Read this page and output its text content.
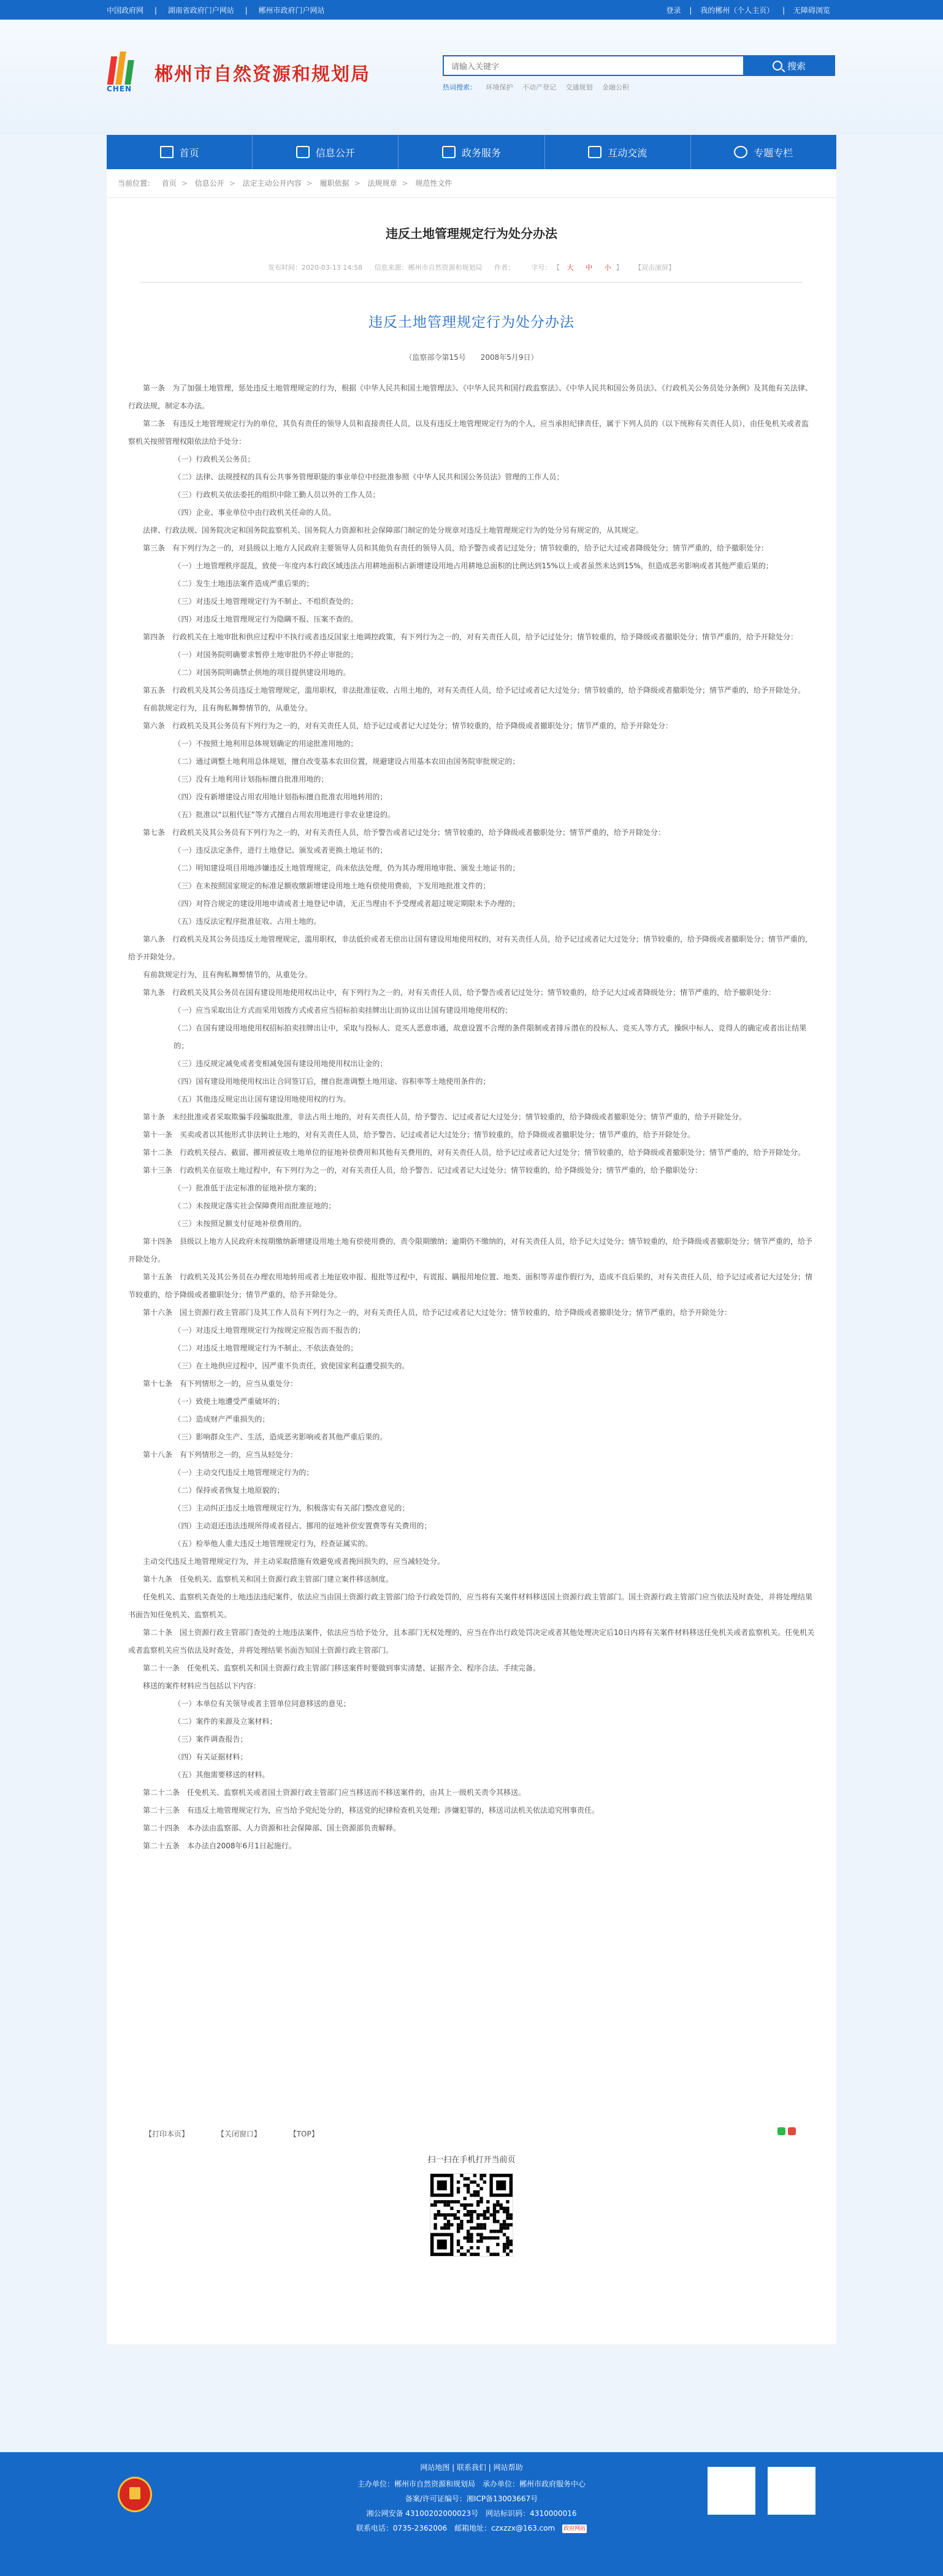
中国政府网 | 湖南省政府门户网站 | 郴州市政府门户网站	登录 | 我的郴州（个人主页） | 无障碍浏览
CHEN
郴州市自然资源和规划局	请输入关键字	搜索
热词搜索： 环境保护 不动产登记 交通规划 金融公积
首页	信息公开	政务服务	互动交流	专题专栏
当前位置： 首页 > 信息公开 > 法定主动公开内容 > 履职依据 > 法规规章 > 规范性文件
违反土地管理规定行为处分办法
发布时间：2020-03-13 14:58 信息来源：郴州市自然资源和规划局 作者：	字号： 【 大 中 小 】 【双击滚屏】
违反土地管理规定行为处分办法
（监察部令第15号　　2008年5月9日）

第一条　为了加强土地管理，惩处违反土地管理规定的行为，根据《中华人民共和国土地管理法》、《中华人民共和国行政监察法》、《中华人民共和国公务员法》、《行政机关公务员处分条例》及其他有关法律、行政法规，制定本办法。

第二条　有违反土地管理规定行为的单位，其负有责任的领导人员和直接责任人员，以及有违反土地管理规定行为的个人，应当承担纪律责任，属于下列人员的（以下统称有关责任人员），由任免机关或者监察机关按照管理权限依法给予处分：

（一）行政机关公务员；

（二）法律、法规授权的具有公共事务管理职能的事业单位中经批准参照《中华人民共和国公务员法》管理的工作人员；

（三）行政机关依法委托的组织中除工勤人员以外的工作人员；

（四）企业、事业单位中由行政机关任命的人员。

法律、行政法规、国务院决定和国务院监察机关、国务院人力资源和社会保障部门制定的处分规章对违反土地管理规定行为的处分另有规定的，从其规定。

第三条　有下列行为之一的，对县级以上地方人民政府主要领导人员和其他负有责任的领导人员，给予警告或者记过处分；情节较重的，给予记大过或者降级处分；情节严重的，给予撤职处分：

（一）土地管理秩序混乱，致使一年度内本行政区域违法占用耕地面积占新增建设用地占用耕地总面积的比例达到15%以上或者虽然未达到15%，但造成恶劣影响或者其他严重后果的；

（二）发生土地违法案件造成严重后果的；

（三）对违反土地管理规定行为不制止、不组织查处的；

（四）对违反土地管理规定行为隐瞒不报、压案不查的。

第四条　行政机关在土地审批和供应过程中不执行或者违反国家土地调控政策，有下列行为之一的，对有关责任人员，给予记过处分；情节较重的，给予降级或者撤职处分；情节严重的，给予开除处分：

（一）对国务院明确要求暂停土地审批仍不停止审批的；

（二）对国务院明确禁止供地的项目提供建设用地的。

第五条　行政机关及其公务员违反土地管理规定，滥用职权，非法批准征收、占用土地的，对有关责任人员，给予记过或者记大过处分；情节较重的，给予降级或者撤职处分；情节严重的，给予开除处分。

有前款规定行为，且有徇私舞弊情节的，从重处分。

第六条　行政机关及其公务员有下列行为之一的，对有关责任人员，给予记过或者记大过处分；情节较重的，给予降级或者撤职处分；情节严重的，给予开除处分：

（一）不按照土地利用总体规划确定的用途批准用地的；

（二）通过调整土地利用总体规划，擅自改变基本农田位置，规避建设占用基本农田由国务院审批规定的；

（三）没有土地利用计划指标擅自批准用地的；

（四）没有新增建设占用农用地计划指标擅自批准农用地转用的；

（五）批准以“以租代征”等方式擅自占用农用地进行非农业建设的。

第七条　行政机关及其公务员有下列行为之一的，对有关责任人员，给予警告或者记过处分；情节较重的，给予降级或者撤职处分；情节严重的，给予开除处分：

（一）违反法定条件，进行土地登记、颁发或者更换土地证书的；

（二）明知建设项目用地涉嫌违反土地管理规定，尚未依法处理，仍为其办理用地审批、颁发土地证书的；

（三）在未按照国家规定的标准足额收缴新增建设用地土地有偿使用费前，下发用地批准文件的；

（四）对符合规定的建设用地申请或者土地登记申请，无正当理由不予受理或者超过规定期限未予办理的；

（五）违反法定程序批准征收、占用土地的。

第八条　行政机关及其公务员违反土地管理规定，滥用职权，非法低价或者无偿出让国有建设用地使用权的，对有关责任人员，给予记过或者记大过处分；情节较重的，给予降级或者撤职处分；情节严重的，给予开除处分。

有前款规定行为，且有徇私舞弊情节的，从重处分。

第九条　行政机关及其公务员在国有建设用地使用权出让中，有下列行为之一的，对有关责任人员，给予警告或者记过处分；情节较重的，给予记大过或者降级处分；情节严重的，给予撤职处分：

（一）应当采取出让方式而采用划拨方式或者应当招标拍卖挂牌出让而协议出让国有建设用地使用权的；

（二）在国有建设用地使用权招标拍卖挂牌出让中，采取与投标人、竞买人恶意串通，故意设置不合理的条件限制或者排斥潜在的投标人、竞买人等方式，操纵中标人、竞得人的确定或者出让结果的；

（三）违反规定减免或者变相减免国有建设用地使用权出让金的；

（四）国有建设用地使用权出让合同签订后，擅自批准调整土地用途、容积率等土地使用条件的；

（五）其他违反规定出让国有建设用地使用权的行为。

第十条　未经批准或者采取欺骗手段骗取批准，非法占用土地的，对有关责任人员，给予警告、记过或者记大过处分；情节较重的，给予降级或者撤职处分；情节严重的，给予开除处分。

第十一条　买卖或者以其他形式非法转让土地的，对有关责任人员，给予警告、记过或者记大过处分；情节较重的，给予降级或者撤职处分；情节严重的，给予开除处分。

第十二条　行政机关侵占、截留、挪用被征收土地单位的征地补偿费用和其他有关费用的，对有关责任人员，给予记过或者记大过处分；情节较重的，给予降级或者撤职处分；情节严重的，给予开除处分。

第十三条　行政机关在征收土地过程中，有下列行为之一的，对有关责任人员，给予警告、记过或者记大过处分；情节较重的，给予降级处分；情节严重的，给予撤职处分：

（一）批准低于法定标准的征地补偿方案的；

（二）未按规定落实社会保障费用而批准征地的；

（三）未按照足额支付征地补偿费用的。

第十四条　县级以上地方人民政府未按期缴纳新增建设用地土地有偿使用费的，责令限期缴纳；逾期仍不缴纳的，对有关责任人员，给予记大过处分；情节较重的，给予降级或者撤职处分；情节严重的，给予开除处分。

第十五条　行政机关及其公务员在办理农用地转用或者土地征收申报、报批等过程中，有谎报、瞒报用地位置、地类、面积等弄虚作假行为，造成不良后果的，对有关责任人员，给予记过或者记大过处分；情节较重的，给予降级或者撤职处分；情节严重的，给予开除处分。

第十六条　国土资源行政主管部门及其工作人员有下列行为之一的，对有关责任人员，给予记过或者记大过处分；情节较重的，给予降级或者撤职处分；情节严重的，给予开除处分：

（一）对违反土地管理规定行为按规定应报告而不报告的；

（二）对违反土地管理规定行为不制止、不依法查处的；

（三）在土地供应过程中，因严重不负责任，致使国家利益遭受损失的。

第十七条　有下列情形之一的，应当从重处分：

（一）致使土地遭受严重破坏的；

（二）造成财产严重损失的；

（三）影响群众生产、生活，造成恶劣影响或者其他严重后果的。

第十八条　有下列情形之一的，应当从轻处分：

（一）主动交代违反土地管理规定行为的；

（二）保持或者恢复土地原貌的；

（三）主动纠正违反土地管理规定行为，积极落实有关部门整改意见的；

（四）主动退还违法违规所得或者侵占、挪用的征地补偿安置费等有关费用的；

（五）检举他人重大违反土地管理规定行为，经查证属实的。

主动交代违反土地管理规定行为，并主动采取措施有效避免或者挽回损失的，应当减轻处分。

第十九条　任免机关、监察机关和国土资源行政主管部门建立案件移送制度。

任免机关、监察机关查处的土地违法违纪案件，依法应当由国土资源行政主管部门给予行政处罚的，应当将有关案件材料移送国土资源行政主管部门。国土资源行政主管部门应当依法及时查处，并将处理结果书面告知任免机关、监察机关。

第二十条　国土资源行政主管部门查处的土地违法案件，依法应当给予处分，且本部门无权处理的，应当在作出行政处罚决定或者其他处理决定后10日内将有关案件材料移送任免机关或者监察机关。任免机关或者监察机关应当依法及时查处，并将处理结果书面告知国土资源行政主管部门。

第二十一条　任免机关、监察机关和国土资源行政主管部门移送案件时要做到事实清楚、证据齐全、程序合法、手续完备。

移送的案件材料应当包括以下内容：

（一）本单位有关领导或者主管单位同意移送的意见；

（二）案件的来源及立案材料；

（三）案件调查报告；

（四）有关证据材料；

（五）其他需要移送的材料。

第二十二条　任免机关、监察机关或者国土资源行政主管部门应当移送而不移送案件的，由其上一级机关责令其移送。

第二十三条　有违反土地管理规定行为，应当给予党纪处分的，移送党的纪律检查机关处理；涉嫌犯罪的，移送司法机关依法追究刑事责任。

第二十四条　本办法由监察部、人力资源和社会保障部、国土资源部负责解释。

第二十五条　本办法自2008年6月1日起施行。

【打印本页】	【关闭窗口】	【TOP】
扫一扫在手机打开当前页
网站地图 | 联系我们 | 网站帮助
主办单位：郴州市自然资源和规划局　承办单位：郴州市政府服务中心
备案/许可证编号：湘ICP备13003667号
湘公网安备 43100202000023号　网站标识码：4310000016
联系电话：0735-2362006　邮箱地址：czxzzx@163.com 政府网站
